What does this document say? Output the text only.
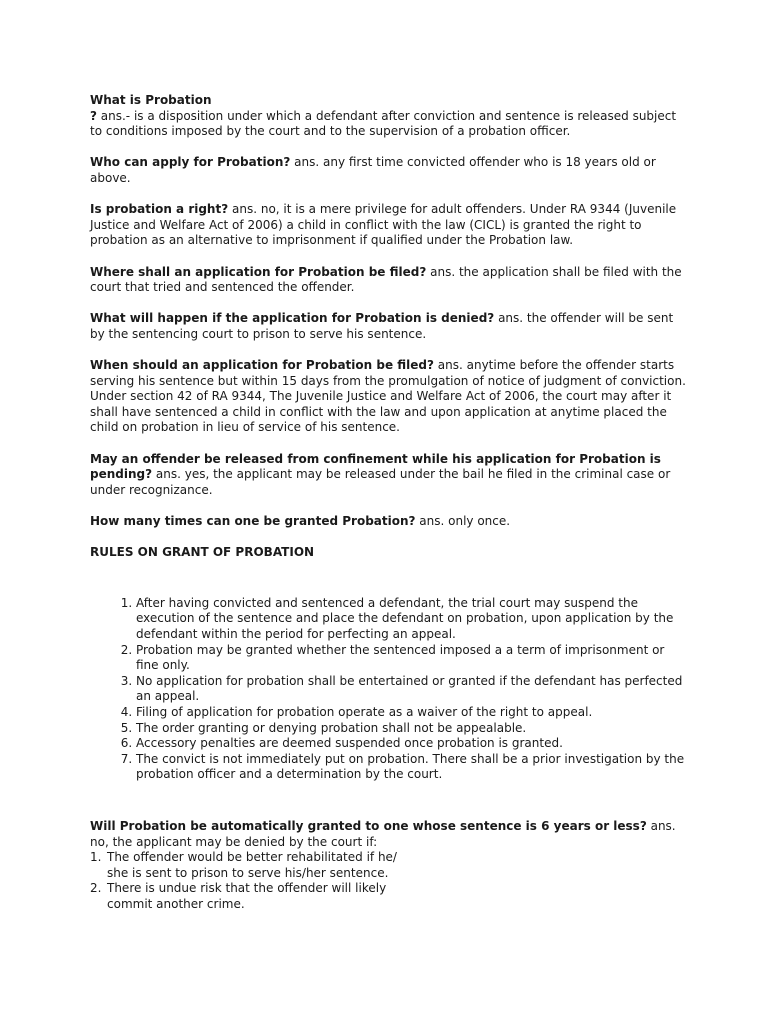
What is Probation
? ans.- is a disposition under which a defendant after conviction and sentence is released subject to conditions imposed by the court and to the supervision of a probation officer.
Who can apply for Probation? ans. any first time convicted offender who is 18 years old or above.
Is probation a right? ans. no, it is a mere privilege for adult offenders. Under RA 9344 (Juvenile Justice and Welfare Act of 2006) a child in conflict with the law (CICL) is granted the right to probation as an alternative to imprisonment if qualified under the Probation law.
Where shall an application for Probation be filed? ans. the application shall be filed with the court that tried and sentenced the offender.
What will happen if the application for Probation is denied? ans. the offender will be sent by the sentencing court to prison to serve his sentence.
When should an application for Probation be filed? ans. anytime before the offender starts serving his sentence but within 15 days from the promulgation of notice of judgment of conviction. Under section 42 of RA 9344, The Juvenile Justice and Welfare Act of 2006, the court may after it shall have sentenced a child in conflict with the law and upon application at anytime placed the child on probation in lieu of service of his sentence.
May an offender be released from confinement while his application for Probation is pending? ans. yes, the applicant may be released under the bail he filed in the criminal case or under recognizance.
How many times can one be granted Probation? ans. only once.
RULES ON GRANT OF PROBATION
1. After having convicted and sentenced a defendant, the trial court may suspend the execution of the sentence and place the defendant on probation, upon application by the defendant within the period for perfecting an appeal.
2. Probation may be granted whether the sentenced imposed a a term of imprisonment or fine only.
3. No application for probation shall be entertained or granted if the defendant has perfected an appeal.
4. Filing of application for probation operate as a waiver of the right to appeal.
5. The order granting or denying probation shall not be appealable.
6. Accessory penalties are deemed suspended once probation is granted.
7. The convict is not immediately put on probation. There shall be a prior investigation by the probation officer and a determination by the court.

Will Probation be automatically granted to one whose sentence is 6 years or less? ans. no, the applicant may be denied by the court if:

1. The offender would be better rehabilitated if he/
she is sent to prison to serve his/her sentence.
2. There is undue risk that the offender will likely
commit another crime.
